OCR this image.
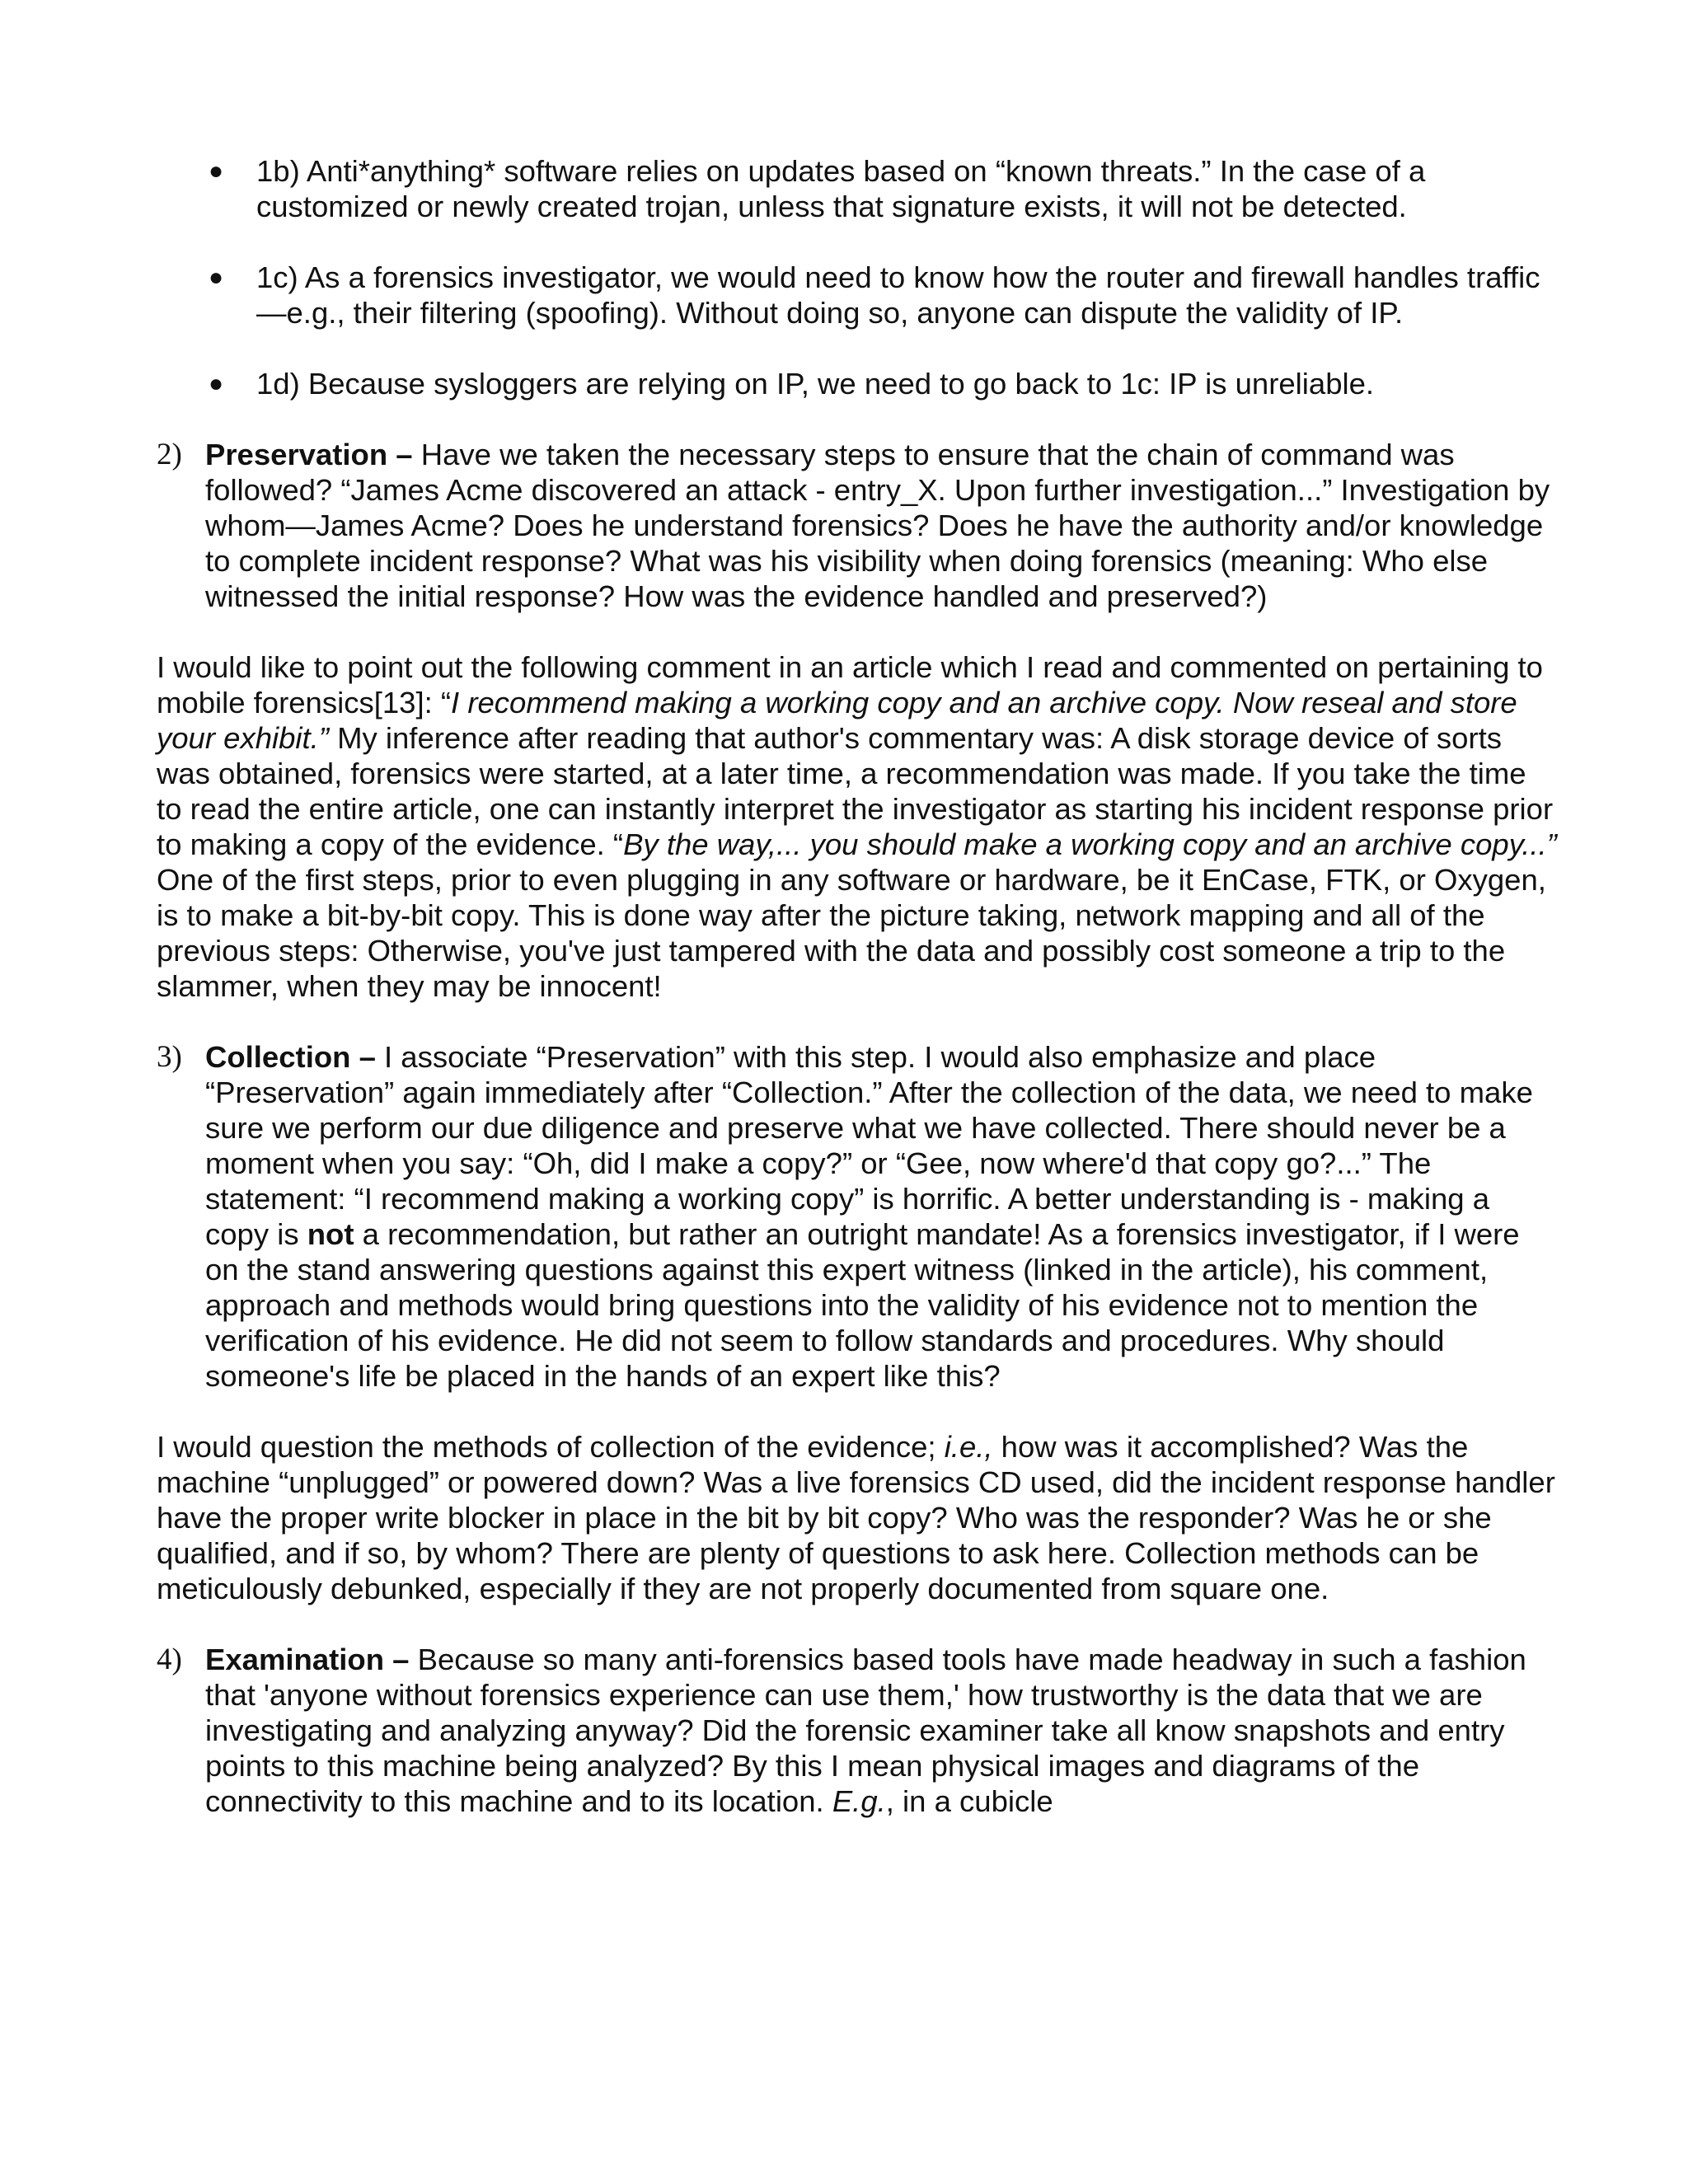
● 1b) Anti*anything* software relies on updates based on “known threats.” In the case of a customized or newly created trojan, unless that signature exists, it will not be detected.
● 1c) As a forensics investigator, we would need to know how the router and firewall handles traffic—e.g., their filtering (spoofing). Without doing so, anyone can dispute the validity of IP.
● 1d) Because sysloggers are relying on IP, we need to go back to 1c: IP is unreliable.
2) Preservation – Have we taken the necessary steps to ensure that the chain of command was followed? “James Acme discovered an attack - entry_X. Upon further investigation...” Investigation by whom—James Acme? Does he understand forensics? Does he have the authority and/or knowledge to complete incident response? What was his visibility when doing forensics (meaning: Who else witnessed the initial response? How was the evidence handled and preserved?)

I would like to point out the following comment in an article which I read and commented on pertaining to mobile forensics[13]: “I recommend making a working copy and an archive copy. Now reseal and store your exhibit.” My inference after reading that author's commentary was: A disk storage device of sorts was obtained, forensics were started, at a later time, a recommendation was made. If you take the time to read the entire article, one can instantly interpret the investigator as starting his incident response prior to making a copy of the evidence. “By the way,... you should make a working copy and an archive copy...” One of the first steps, prior to even plugging in any software or hardware, be it EnCase, FTK, or Oxygen, is to make a bit-by-bit copy. This is done way after the picture taking, network mapping and all of the previous steps: Otherwise, you've just tampered with the data and possibly cost someone a trip to the slammer, when they may be innocent!

3) Collection – I associate “Preservation” with this step. I would also emphasize and place “Preservation” again immediately after “Collection.” After the collection of the data, we need to make sure we perform our due diligence and preserve what we have collected. There should never be a moment when you say: “Oh, did I make a copy?” or “Gee, now where'd that copy go?...” The statement: “I recommend making a working copy” is horrific. A better understanding is - making a copy is not a recommendation, but rather an outright mandate! As a forensics investigator, if I were on the stand answering questions against this expert witness (linked in the article), his comment, approach and methods would bring questions into the validity of his evidence not to mention the verification of his evidence. He did not seem to follow standards and procedures. Why should someone's life be placed in the hands of an expert like this?

I would question the methods of collection of the evidence; i.e., how was it accomplished? Was the machine “unplugged” or powered down? Was a live forensics CD used, did the incident response handler have the proper write blocker in place in the bit by bit copy? Who was the responder? Was he or she qualified, and if so, by whom? There are plenty of questions to ask here. Collection methods can be meticulously debunked, especially if they are not properly documented from square one.

4) Examination – Because so many anti-forensics based tools have made headway in such a fashion that 'anyone without forensics experience can use them,' how trustworthy is the data that we are investigating and analyzing anyway? Did the forensic examiner take all know snapshots and entry points to this machine being analyzed? By this I mean physical images and diagrams of the connectivity to this machine and to its location. E.g., in a cubicle
